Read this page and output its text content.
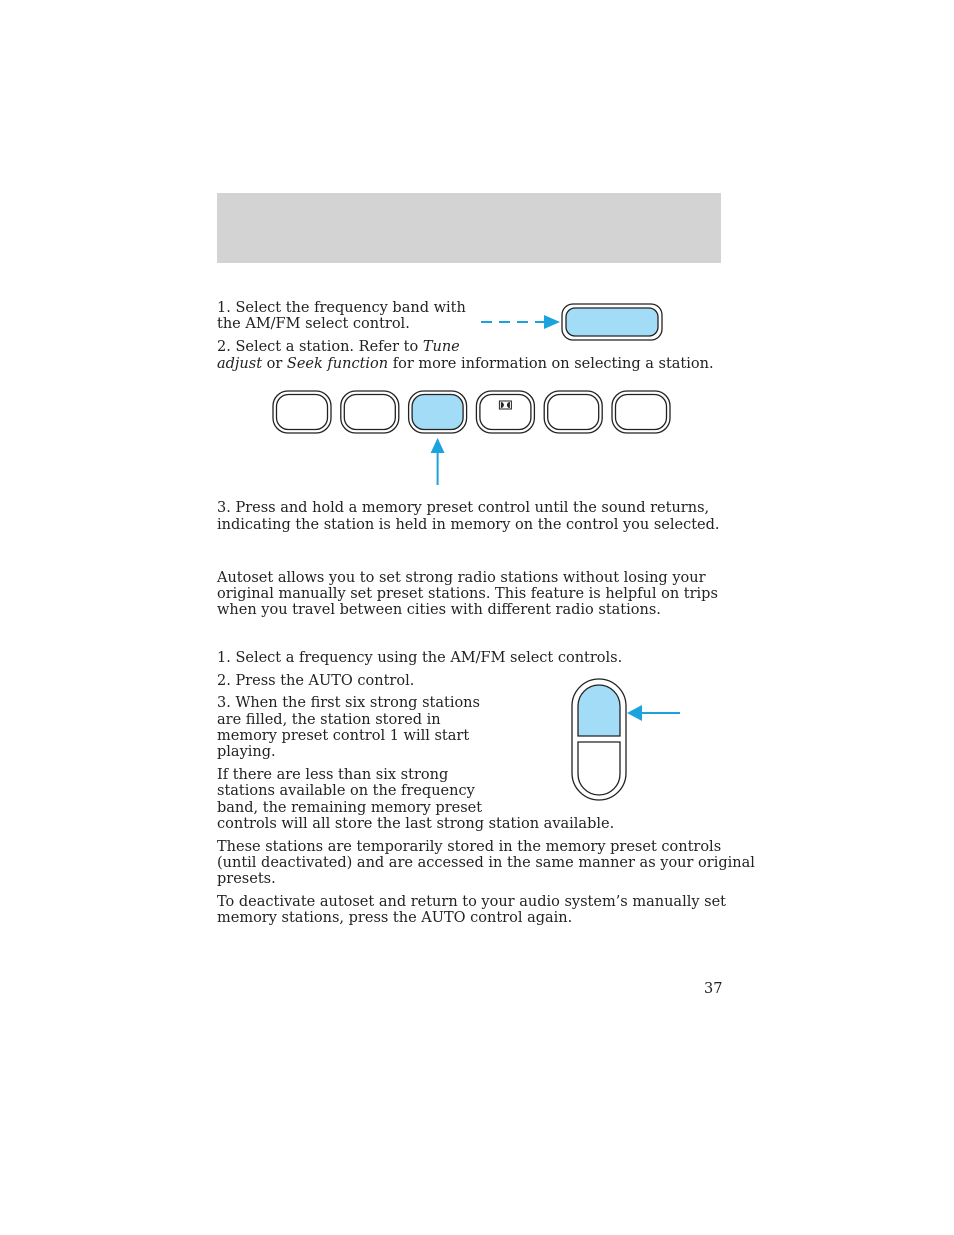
1. Select the frequency band with

the AM/FM select control.

2. Select a station. Refer to Tune

adjust or Seek function for more information on selecting a station.

3. Press and hold a memory preset control until the sound returns,

indicating the station is held in memory on the control you selected.

Autoset allows you to set strong radio stations without losing your

original manually set preset stations. This feature is helpful on trips

when you travel between cities with different radio stations.

1. Select a frequency using the AM/FM select controls.

2. Press the AUTO control.

3. When the first six strong stations

are filled, the station stored in

memory preset control 1 will start

playing.

If there are less than six strong

stations available on the frequency

band, the remaining memory preset

controls will all store the last strong station available.

These stations are temporarily stored in the memory preset controls

(until deactivated) and are accessed in the same manner as your original

presets.

To deactivate autoset and return to your audio system’s manually set

memory stations, press the AUTO control again.

37
